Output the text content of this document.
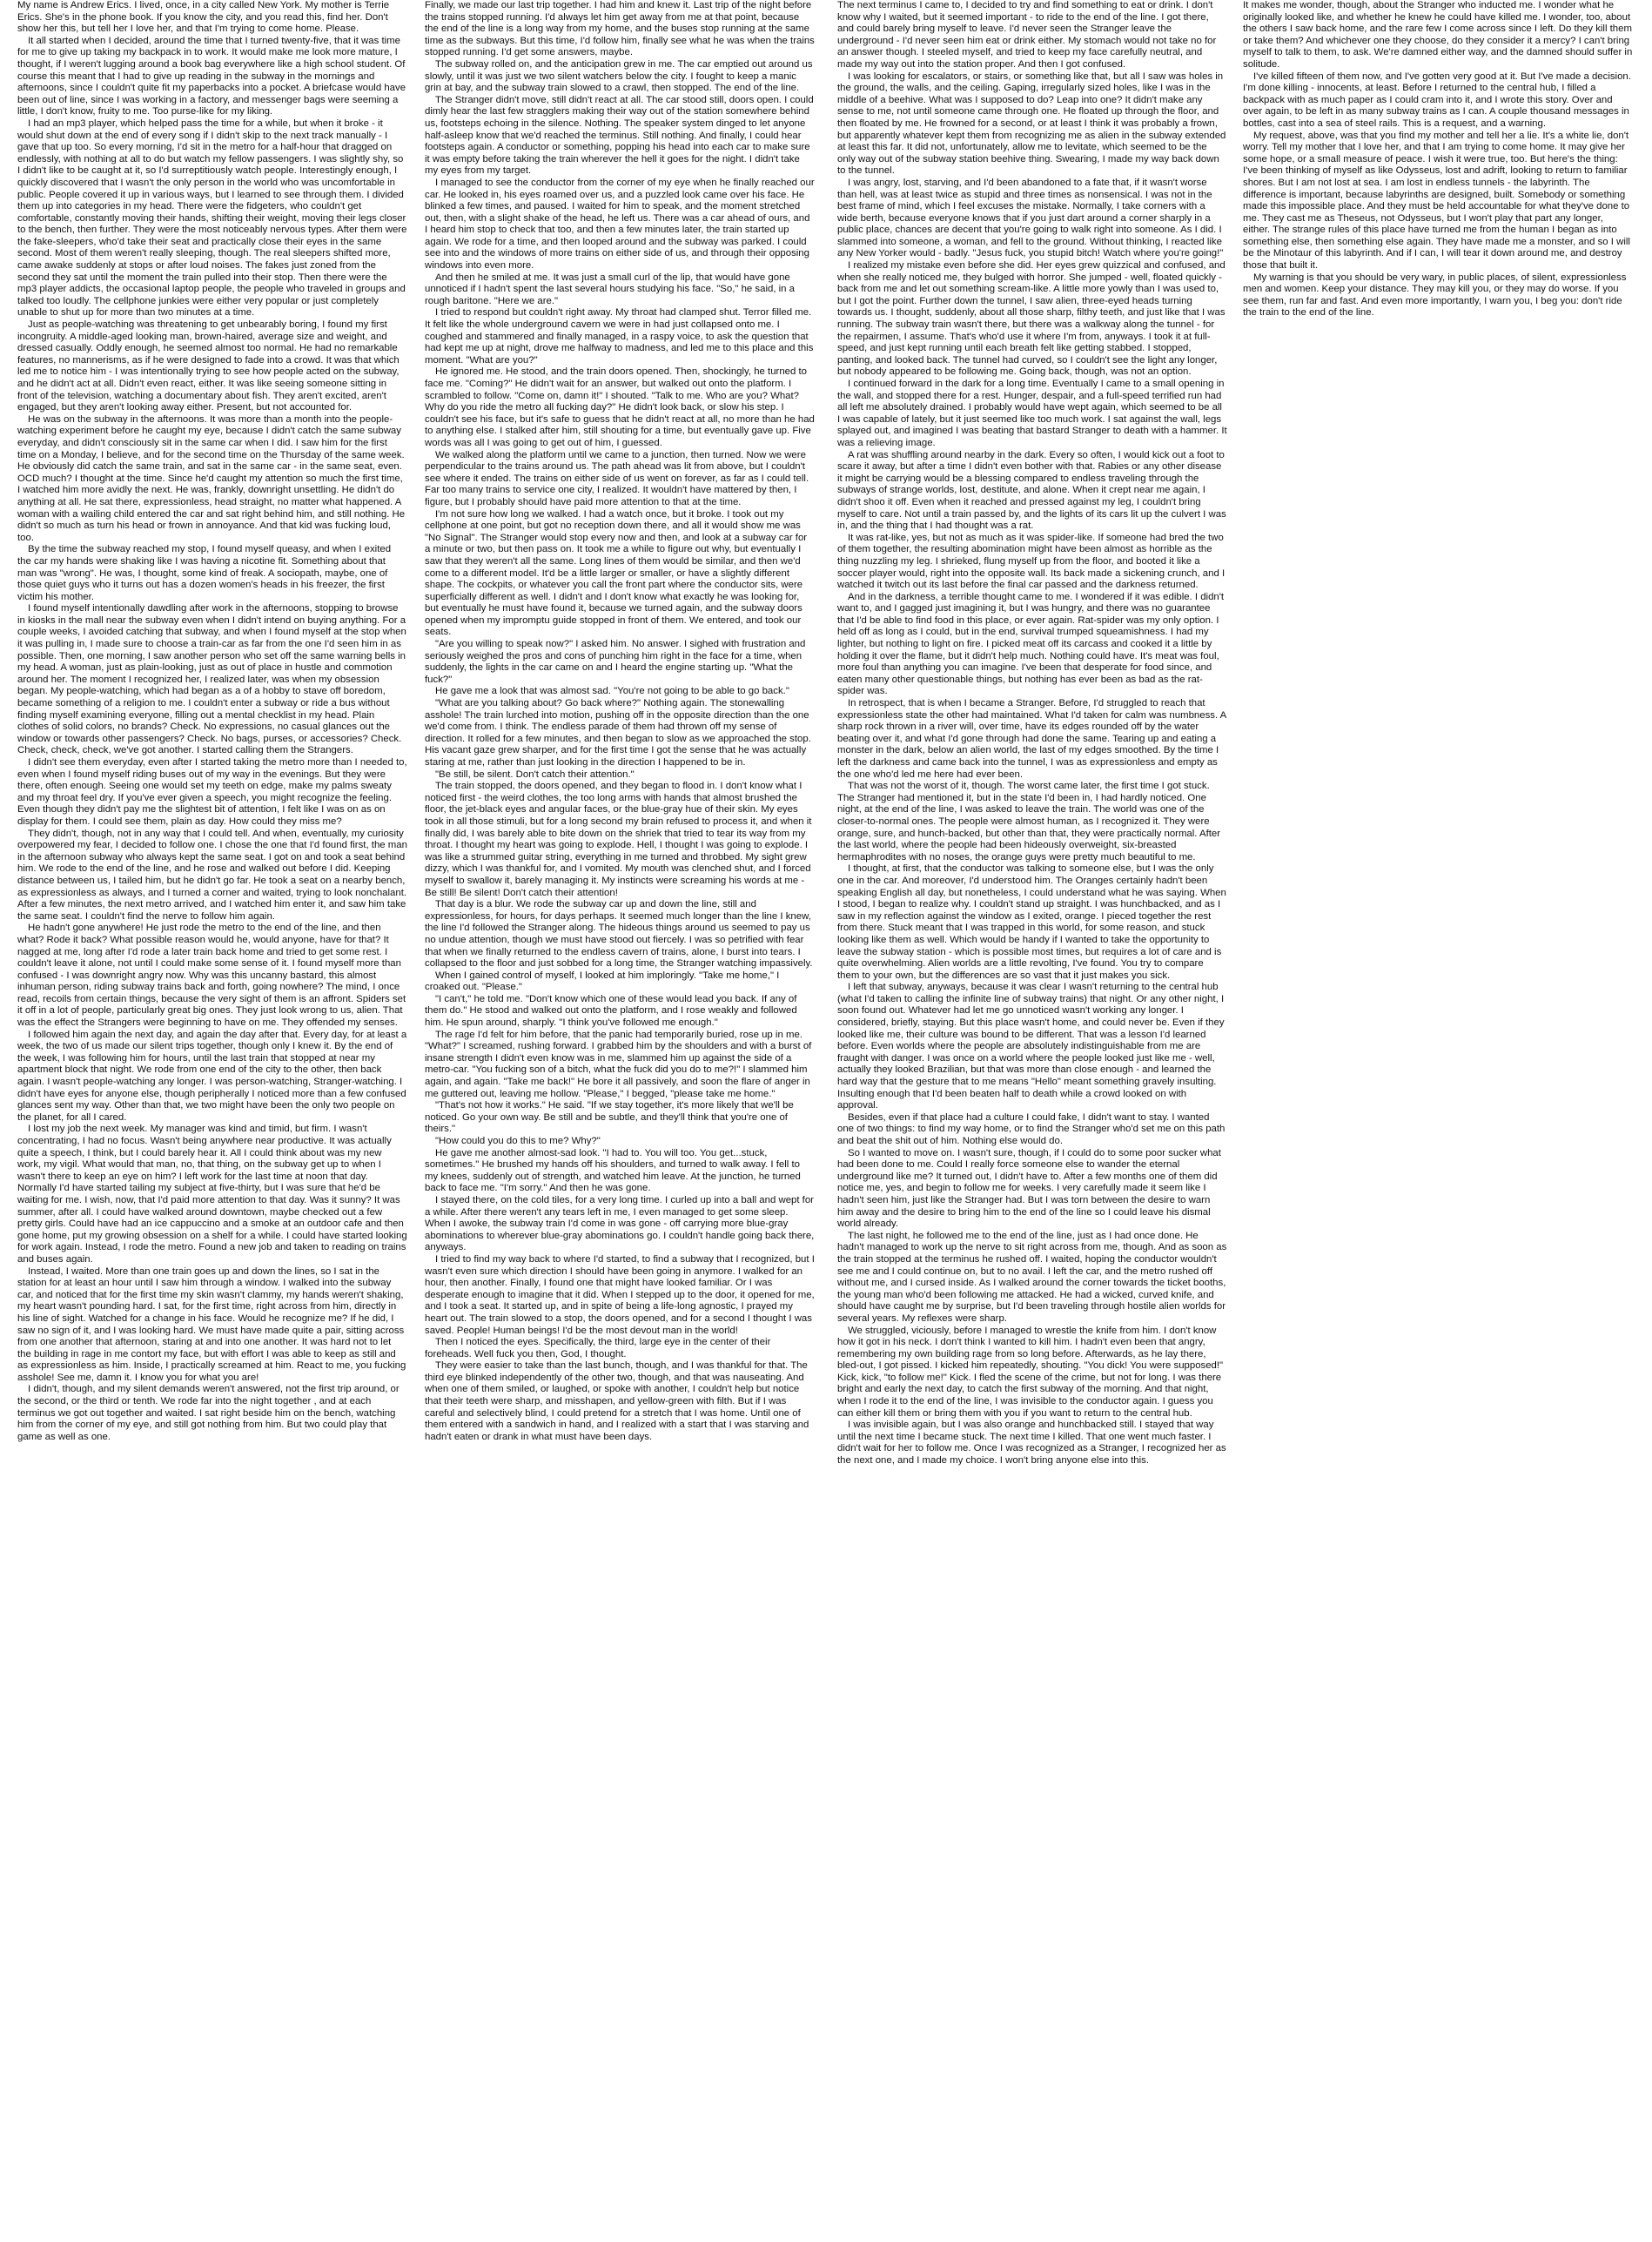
My name is Andrew Erics. I lived, once, in a city called New York. My mother is Terrie Erics. She's in the phone book. If you know the city, and you read this, find her. Don't show her this, but tell her I love her, and that I'm trying to come home. Please.

It all started when I decided, around the time that I turned twenty-five, that it was time for me to give up taking my backpack in to work. It would make me look more mature, I thought, if I weren't lugging around a book bag everywhere like a high school student. Of course this meant that I had to give up reading in the subway in the mornings and afternoons, since I couldn't quite fit my paperbacks into a pocket. A briefcase would have been out of line, since I was working in a factory, and messenger bags were seeming a little, I don't know, fruity to me. Too purse-like for my liking.

I had an mp3 player, which helped pass the time for a while, but when it broke - it would shut down at the end of every song if I didn't skip to the next track manually - I gave that up too. So every morning, I'd sit in the metro for a half-hour that dragged on endlessly, with nothing at all to do but watch my fellow passengers. I was slightly shy, so I didn't like to be caught at it, so I'd surreptitiously watch people. Interestingly enough, I quickly discovered that I wasn't the only person in the world who was uncomfortable in public. People covered it up in various ways, but I learned to see through them. I divided them up into categories in my head. There were the fidgeters, who couldn't get comfortable, constantly moving their hands, shifting their weight, moving their legs closer to the bench, then further. They were the most noticeably nervous types. After them were the fake-sleepers, who'd take their seat and practically close their eyes in the same second. Most of them weren't really sleeping, though. The real sleepers shifted more, came awake suddenly at stops or after loud noises. The fakes just zoned from the second they sat until the moment the train pulled into their stop. Then there were the mp3 player addicts, the occasional laptop people, the people who traveled in groups and talked too loudly. The cellphone junkies were either very popular or just completely unable to shut up for more than two minutes at a time.

Just as people-watching was threatening to get unbearably boring, I found my first incongruity. A middle-aged looking man, brown-haired, average size and weight, and dressed casually. Oddly enough, he seemed almost too normal. He had no remarkable features, no mannerisms, as if he were designed to fade into a crowd. It was that which led me to notice him - I was intentionally trying to see how people acted on the subway, and he didn't act at all. Didn't even react, either. It was like seeing someone sitting in front of the television, watching a documentary about fish. They aren't excited, aren't engaged, but they aren't looking away either. Present, but not accounted for.

He was on the subway in the afternoons. It was more than a month into the people-watching experiment before he caught my eye, because I didn't catch the same subway everyday, and didn't consciously sit in the same car when I did. I saw him for the first time on a Monday, I believe, and for the second time on the Thursday of the same week. He obviously did catch the same train, and sat in the same car - in the same seat, even. OCD much? I thought at the time. Since he'd caught my attention so much the first time, I watched him more avidly the next. He was, frankly, downright unsettling. He didn't do anything at all. He sat there, expressionless, head straight, no matter what happened. A woman with a wailing child entered the car and sat right behind him, and still nothing. He didn't so much as turn his head or frown in annoyance. And that kid was fucking loud, too.

By the time the subway reached my stop, I found myself queasy, and when I exited the car my hands were shaking like I was having a nicotine fit. Something about that man was "wrong". He was, I thought, some kind of freak. A sociopath, maybe, one of those quiet guys who it turns out has a dozen women's heads in his freezer, the first victim his mother.

I found myself intentionally dawdling after work in the afternoons, stopping to browse in kiosks in the mall near the subway even when I didn't intend on buying anything. For a couple weeks, I avoided catching that subway, and when I found myself at the stop when it was pulling in, I made sure to choose a train-car as far from the one I'd seen him in as possible. Then, one morning, I saw another person who set off the same warning bells in my head. A woman, just as plain-looking, just as out of place in hustle and commotion around her. The moment I recognized her, I realized later, was when my obsession began. My people-watching, which had began as a of a hobby to stave off boredom, became something of a religion to me. I couldn't enter a subway or ride a bus without finding myself examining everyone, filling out a mental checklist in my head. Plain clothes of solid colors, no brands? Check. No expressions, no casual glances out the window or towards other passengers? Check. No bags, purses, or accessories? Check. Check, check, check, we've got another. I started calling them the Strangers.

I didn't see them everyday, even after I started taking the metro more than I needed to, even when I found myself riding buses out of my way in the evenings. But they were there, often enough. Seeing one would set my teeth on edge, make my palms sweaty and my throat feel dry. If you've ever given a speech, you might recognize the feeling. Even though they didn't pay me the slightest bit of attention, I felt like I was on as on display for them. I could see them, plain as day. How could they miss me?

They didn't, though, not in any way that I could tell. And when, eventually, my curiosity overpowered my fear, I decided to follow one. I chose the one that I'd found first, the man in the afternoon subway who always kept the same seat. I got on and took a seat behind him. We rode to the end of the line, and he rose and walked out before I did. Keeping distance between us, I tailed him, but he didn't go far. He took a seat on a nearby bench, as expressionless as always, and I turned a corner and waited, trying to look nonchalant. After a few minutes, the next metro arrived, and I watched him enter it, and saw him take the same seat. I couldn't find the nerve to follow him again.

He hadn't gone anywhere! He just rode the metro to the end of the line, and then what? Rode it back? What possible reason would he, would anyone, have for that? It nagged at me, long after I'd rode a later train back home and tried to get some rest. I couldn't leave it alone, not until I could make some sense of it. I found myself more than confused - I was downright angry now. Why was this uncanny bastard, this almost inhuman person, riding subway trains back and forth, going nowhere? The mind, I once read, recoils from certain things, because the very sight of them is an affront. Spiders set it off in a lot of people, particularly great big ones. They just look wrong to us, alien. That was the effect the Strangers were beginning to have on me. They offended my senses.

I followed him again the next day, and again the day after that. Every day, for at least a week, the two of us made our silent trips together, though only I knew it. By the end of the week, I was following him for hours, until the last train that stopped at near my apartment block that night. We rode from one end of the city to the other, then back again. I wasn't people-watching any longer. I was person-watching, Stranger-watching. I didn't have eyes for anyone else, though peripherally I noticed more than a few confused glances sent my way. Other than that, we two might have been the only two people on the planet, for all I cared.

I lost my job the next week. My manager was kind and timid, but firm. I wasn't concentrating, I had no focus. Wasn't being anywhere near productive. It was actually quite a speech, I think, but I could barely hear it. All I could think about was my new work, my vigil. What would that man, no, that thing, on the subway get up to when I wasn't there to keep an eye on him? I left work for the last time at noon that day. Normally I'd have started tailing my subject at five-thirty, but I was sure that he'd be waiting for me. I wish, now, that I'd paid more attention to that day. Was it sunny? It was summer, after all. I could have walked around downtown, maybe checked out a few pretty girls. Could have had an ice cappuccino and a smoke at an outdoor cafe and then gone home, put my growing obsession on a shelf for a while. I could have started looking for work again. Instead, I rode the metro. Found a new job and taken to reading on trains and buses again.

Instead, I waited. More than one train goes up and down the lines, so I sat in the station for at least an hour until I saw him through a window. I walked into the subway car, and noticed that for the first time my skin wasn't clammy, my hands weren't shaking, my heart wasn't pounding hard. I sat, for the first time, right across from him, directly in his line of sight. Watched for a change in his face. Would he recognize me? If he did, I saw no sign of it, and I was looking hard. We must have made quite a pair, sitting across from one another that afternoon, staring at and into one another. It was hard not to let the building in rage in me contort my face, but with effort I was able to keep as still and as expressionless as him. Inside, I practically screamed at him. React to me, you fucking asshole! See me, damn it. I know you for what you are!

I didn't, though, and my silent demands weren't answered, not the first trip around, or the second, or the third or tenth. We rode far into the night together , and at each terminus we got out together and waited. I sat right beside him on the bench, watching him from the corner of my eye, and still got nothing from him. But two could play that game as well as one.

Finally, we made our last trip together. I had him and knew it. Last trip of the night before the trains stopped running. I'd always let him get away from me at that point, because the end of the line is a long way from my home, and the buses stop running at the same time as the subways. But this time, I'd follow him, finally see what he was when the trains stopped running. I'd get some answers, maybe.

The subway rolled on, and the anticipation grew in me. The car emptied out around us slowly, until it was just we two silent watchers below the city. I fought to keep a manic grin at bay, and the subway train slowed to a crawl, then stopped. The end of the line.

The Stranger didn't move, still didn't react at all. The car stood still, doors open. I could dimly hear the last few stragglers making their way out of the station somewhere behind us, footsteps echoing in the silence. Nothing. The speaker system dinged to let anyone half-asleep know that we'd reached the terminus. Still nothing. And finally, I could hear footsteps again. A conductor or something, popping his head into each car to make sure it was empty before taking the train wherever the hell it goes for the night. I didn't take my eyes from my target.

I managed to see the conductor from the corner of my eye when he finally reached our car. He looked in, his eyes roamed over us, and a puzzled look came over his face. He blinked a few times, and paused. I waited for him to speak, and the moment stretched out, then, with a slight shake of the head, he left us. There was a car ahead of ours, and I heard him stop to check that too, and then a few minutes later, the train started up again. We rode for a time, and then looped around and the subway was parked. I could see into and the windows of more trains on either side of us, and through their opposing windows into even more.

And then he smiled at me. It was just a small curl of the lip, that would have gone unnoticed if I hadn't spent the last several hours studying his face. "So," he said, in a rough baritone. "Here we are."

I tried to respond but couldn't right away. My throat had clamped shut. Terror filled me. It felt like the whole underground cavern we were in had just collapsed onto me. I coughed and stammered and finally managed, in a raspy voice, to ask the question that had kept me up at night, drove me halfway to madness, and led me to this place and this moment. "What are you?"

He ignored me. He stood, and the train doors opened. Then, shockingly, he turned to face me. "Coming?" He didn't wait for an answer, but walked out onto the platform. I scrambled to follow. "Come on, damn it!" I shouted. "Talk to me. Who are you? What? Why do you ride the metro all fucking day?" He didn't look back, or slow his step. I couldn't see his face, but it's safe to guess that he didn't react at all, no more than he had to anything else. I stalked after him, still shouting for a time, but eventually gave up. Five words was all I was going to get out of him, I guessed.

We walked along the platform until we came to a junction, then turned. Now we were perpendicular to the trains around us. The path ahead was lit from above, but I couldn't see where it ended. The trains on either side of us went on forever, as far as I could tell. Far too many trains to service one city, I realized. It wouldn't have mattered by then, I figure, but I probably should have paid more attention to that at the time.

I'm not sure how long we walked. I had a watch once, but it broke. I took out my cellphone at one point, but got no reception down there, and all it would show me was "No Signal". The Stranger would stop every now and then, and look at a subway car for a minute or two, but then pass on. It took me a while to figure out why, but eventually I saw that they weren't all the same. Long lines of them would be similar, and then we'd come to a different model. It'd be a little larger or smaller, or have a slightly different shape. The cockpits, or whatever you call the front part where the conductor sits, were superficially different as well. I didn't and I don't know what exactly he was looking for, but eventually he must have found it, because we turned again, and the subway doors opened when my impromptu guide stopped in front of them. We entered, and took our seats.

"Are you willing to speak now?" I asked him. No answer. I sighed with frustration and seriously weighed the pros and cons of punching him right in the face for a time, when suddenly, the lights in the car came on and I heard the engine starting up. "What the fuck?"

He gave me a look that was almost sad. "You're not going to be able to go back."

"What are you talking about? Go back where?" Nothing again. The stonewalling asshole! The train lurched into motion, pushing off in the opposite direction than the one we'd come from. I think. The endless parade of them had thrown off my sense of direction. It rolled for a few minutes, and then began to slow as we approached the stop. His vacant gaze grew sharper, and for the first time I got the sense that he was actually staring at me, rather than just looking in the direction I happened to be in.

"Be still, be silent. Don't catch their attention."

The train stopped, the doors opened, and they began to flood in. I don't know what I noticed first - the weird clothes, the too long arms with hands that almost brushed the floor, the jet-black eyes and angular faces, or the blue-gray hue of their skin. My eyes took in all those stimuli, but for a long second my brain refused to process it, and when it finally did, I was barely able to bite down on the shriek that tried to tear its way from my throat. I thought my heart was going to explode. Hell, I thought I was going to explode. I was like a strummed guitar string, everything in me turned and throbbed. My sight grew dizzy, which I was thankful for, and I vomited. My mouth was clenched shut, and I forced myself to swallow it, barely managing it. My instincts were screaming his words at me - Be still! Be silent! Don't catch their attention!

That day is a blur. We rode the subway car up and down the line, still and expressionless, for hours, for days perhaps. It seemed much longer than the line I knew, the line I'd followed the Stranger along. The hideous things around us seemed to pay us no undue attention, though we must have stood out fiercely. I was so petrified with fear that when we finally returned to the endless cavern of trains, alone, I burst into tears. I collapsed to the floor and just sobbed for a long time, the Stranger watching impassively.

When I gained control of myself, I looked at him imploringly. "Take me home," I croaked out. "Please."

"I can't," he told me. "Don't know which one of these would lead you back. If any of them do." He stood and walked out onto the platform, and I rose weakly and followed him. He spun around, sharply. "I think you've followed me enough."

The rage I'd felt for him before, that the panic had temporarily buried, rose up in me. "What?" I screamed, rushing forward. I grabbed him by the shoulders and with a burst of insane strength I didn't even know was in me, slammed him up against the side of a metro-car. "You fucking son of a bitch, what the fuck did you do to me?!" I slammed him again, and again. "Take me back!" He bore it all passively, and soon the flare of anger in me guttered out, leaving me hollow. "Please," I begged, "please take me home."

"That's not how it works." He said. "If we stay together, it's more likely that we'll be noticed. Go your own way. Be still and be subtle, and they'll think that you're one of theirs."

"How could you do this to me? Why?"

He gave me another almost-sad look. "I had to. You will too. You get...stuck, sometimes." He brushed my hands off his shoulders, and turned to walk away. I fell to my knees, suddenly out of strength, and watched him leave. At the junction, he turned back to face me. "I'm sorry." And then he was gone.

I stayed there, on the cold tiles, for a very long time. I curled up into a ball and wept for a while. After there weren't any tears left in me, I even managed to get some sleep. When I awoke, the subway train I'd come in was gone - off carrying more blue-gray abominations to wherever blue-gray abominations go. I couldn't handle going back there, anyways.

I tried to find my way back to where I'd started, to find a subway that I recognized, but I wasn't even sure which direction I should have been going in anymore. I walked for an hour, then another. Finally, I found one that might have looked familiar. Or I was desperate enough to imagine that it did. When I stepped up to the door, it opened for me, and I took a seat. It started up, and in spite of being a life-long agnostic, I prayed my heart out. The train slowed to a stop, the doors opened, and for a second I thought I was saved. People! Human beings! I'd be the most devout man in the world!

Then I noticed the eyes. Specifically, the third, large eye in the center of their foreheads. Well fuck you then, God, I thought.

They were easier to take than the last bunch, though, and I was thankful for that. The third eye blinked independently of the other two, though, and that was nauseating. And when one of them smiled, or laughed, or spoke with another, I couldn't help but notice that their teeth were sharp, and misshapen, and yellow-green with filth. But if I was careful and selectively blind, I could pretend for a stretch that I was home. Until one of them entered with a sandwich in hand, and I realized with a start that I was starving and hadn't eaten or drank in what must have been days.

The next terminus I came to, I decided to try and find something to eat or drink. I don't know why I waited, but it seemed important - to ride to the end of the line. I got there, and could barely bring myself to leave. I'd never seen the Stranger leave the underground - I'd never seen him eat or drink either. My stomach would not take no for an answer though. I steeled myself, and tried to keep my face carefully neutral, and made my way out into the station proper. And then I got confused.

I was looking for escalators, or stairs, or something like that, but all I saw was holes in the ground, the walls, and the ceiling. Gaping, irregularly sized holes, like I was in the middle of a beehive. What was I supposed to do? Leap into one? It didn't make any sense to me, not until someone came through one. He floated up through the floor, and then floated by me. He frowned for a second, or at least I think it was probably a frown, but apparently whatever kept them from recognizing me as alien in the subway extended at least this far. It did not, unfortunately, allow me to levitate, which seemed to be the only way out of the subway station beehive thing. Swearing, I made my way back down to the tunnel.

I was angry, lost, starving, and I'd been abandoned to a fate that, if it wasn't worse than hell, was at least twice as stupid and three times as nonsensical. I was not in the best frame of mind, which I feel excuses the mistake. Normally, I take corners with a wide berth, because everyone knows that if you just dart around a corner sharply in a public place, chances are decent that you're going to walk right into someone. As I did. I slammed into someone, a woman, and fell to the ground. Without thinking, I reacted like any New Yorker would - badly. "Jesus fuck, you stupid bitch! Watch where you're going!"

I realized my mistake even before she did. Her eyes grew quizzical and confused, and when she really noticed me, they bulged with horror. She jumped - well, floated quickly - back from me and let out something scream-like. A little more yowly than I was used to, but I got the point. Further down the tunnel, I saw alien, three-eyed heads turning towards us. I thought, suddenly, about all those sharp, filthy teeth, and just like that I was running. The subway train wasn't there, but there was a walkway along the tunnel - for the repairmen, I assume. That's who'd use it where I'm from, anyways. I took it at full-speed, and just kept running until each breath felt like getting stabbed. I stopped, panting, and looked back. The tunnel had curved, so I couldn't see the light any longer, but nobody appeared to be following me. Going back, though, was not an option.

I continued forward in the dark for a long time. Eventually I came to a small opening in the wall, and stopped there for a rest. Hunger, despair, and a full-speed terrified run had all left me absolutely drained. I probably would have wept again, which seemed to be all I was capable of lately, but it just seemed like too much work. I sat against the wall, legs splayed out, and imagined I was beating that bastard Stranger to death with a hammer. It was a relieving image.

A rat was shuffling around nearby in the dark. Every so often, I would kick out a foot to scare it away, but after a time I didn't even bother with that. Rabies or any other disease it might be carrying would be a blessing compared to endless traveling through the subways of strange worlds, lost, destitute, and alone. When it crept near me again, I didn't shoo it off. Even when it reached and pressed against my leg, I couldn't bring myself to care. Not until a train passed by, and the lights of its cars lit up the culvert I was in, and the thing that I had thought was a rat.

It was rat-like, yes, but not as much as it was spider-like. If someone had bred the two of them together, the resulting abomination might have been almost as horrible as the thing nuzzling my leg. I shrieked, flung myself up from the floor, and booted it like a soccer player would, right into the opposite wall. Its back made a sickening crunch, and I watched it twitch out its last before the final car passed and the darkness returned.

And in the darkness, a terrible thought came to me. I wondered if it was edible. I didn't want to, and I gagged just imagining it, but I was hungry, and there was no guarantee that I'd be able to find food in this place, or ever again. Rat-spider was my only option. I held off as long as I could, but in the end, survival trumped squeamishness. I had my lighter, but nothing to light on fire. I picked meat off its carcass and cooked it a little by holding it over the flame, but it didn't help much. Nothing could have. It's meat was foul, more foul than anything you can imagine. I've been that desperate for food since, and eaten many other questionable things, but nothing has ever been as bad as the rat-spider was.

In retrospect, that is when I became a Stranger. Before, I'd struggled to reach that expressionless state the other had maintained. What I'd taken for calm was numbness. A sharp rock thrown in a river will, over time, have its edges rounded off by the water beating over it, and what I'd gone through had done the same. Tearing up and eating a monster in the dark, below an alien world, the last of my edges smoothed. By the time I left the darkness and came back into the tunnel, I was as expressionless and empty as the one who'd led me here had ever been.

That was not the worst of it, though. The worst came later, the first time I got stuck. The Stranger had mentioned it, but in the state I'd been in, I had hardly noticed. One night, at the end of the line, I was asked to leave the train. The world was one of the closer-to-normal ones. The people were almost human, as I recognized it. They were orange, sure, and hunch-backed, but other than that, they were practically normal. After the last world, where the people had been hideously overweight, six-breasted hermaphrodites with no noses, the orange guys were pretty much beautiful to me.

I thought, at first, that the conductor was talking to someone else, but I was the only one in the car. And moreover, I'd understood him. The Oranges certainly hadn't been speaking English all day, but nonetheless, I could understand what he was saying. When I stood, I began to realize why. I couldn't stand up straight. I was hunchbacked, and as I saw in my reflection against the window as I exited, orange. I pieced together the rest from there. Stuck meant that I was trapped in this world, for some reason, and stuck looking like them as well. Which would be handy if I wanted to take the opportunity to leave the subway station - which is possible most times, but requires a lot of care and is quite overwhelming. Alien worlds are a little revolting, I've found. You try to compare them to your own, but the differences are so vast that it just makes you sick.

I left that subway, anyways, because it was clear I wasn't returning to the central hub (what I'd taken to calling the infinite line of subway trains) that night. Or any other night, I soon found out. Whatever had let me go unnoticed wasn't working any longer. I considered, briefly, staying. But this place wasn't home, and could never be. Even if they looked like me, their culture was bound to be different. That was a lesson I'd learned before. Even worlds where the people are absolutely indistinguishable from me are fraught with danger. I was once on a world where the people looked just like me - well, actually they looked Brazilian, but that was more than close enough - and learned the hard way that the gesture that to me means "Hello" meant something gravely insulting. Insulting enough that I'd been beaten half to death while a crowd looked on with approval.

Besides, even if that place had a culture I could fake, I didn't want to stay. I wanted one of two things: to find my way home, or to find the Stranger who'd set me on this path and beat the shit out of him. Nothing else would do.

So I wanted to move on. I wasn't sure, though, if I could do to some poor sucker what had been done to me. Could I really force someone else to wander the eternal underground like me? It turned out, I didn't have to. After a few months one of them did notice me, yes, and begin to follow me for weeks. I very carefully made it seem like I hadn't seen him, just like the Stranger had. But I was torn between the desire to warn him away and the desire to bring him to the end of the line so I could leave his dismal world already.

The last night, he followed me to the end of the line, just as I had once done. He hadn't managed to work up the nerve to sit right across from me, though. And as soon as the train stopped at the terminus he rushed off. I waited, hoping the conductor wouldn't see me and I could continue on, but to no avail. I left the car, and the metro rushed off without me, and I cursed inside. As I walked around the corner towards the ticket booths, the young man who'd been following me attacked. He had a wicked, curved knife, and should have caught me by surprise, but I'd been traveling through hostile alien worlds for several years. My reflexes were sharp.

We struggled, viciously, before I managed to wrestle the knife from him. I don't know how it got in his neck. I don't think I wanted to kill him. I hadn't even been that angry, remembering my own building rage from so long before. Afterwards, as he lay there, bled-out, I got pissed. I kicked him repeatedly, shouting. "You dick! You were supposed!" Kick, kick, "to follow me!" Kick. I fled the scene of the crime, but not for long. I was there bright and early the next day, to catch the first subway of the morning. And that night, when I rode it to the end of the line, I was invisible to the conductor again. I guess you can either kill them or bring them with you if you want to return to the central hub.

I was invisible again, but I was also orange and hunchbacked still. I stayed that way until the next time I became stuck. The next time I killed. That one went much faster. I didn't wait for her to follow me. Once I was recognized as a Stranger, I recognized her as the next one, and I made my choice. I won't bring anyone else into this.

It makes me wonder, though, about the Stranger who inducted me. I wonder what he originally looked like, and whether he knew he could have killed me. I wonder, too, about the others I saw back home, and the rare few I come across since I left. Do they kill them or take them? And whichever one they choose, do they consider it a mercy? I can't bring myself to talk to them, to ask. We're damned either way, and the damned should suffer in solitude.

I've killed fifteen of them now, and I've gotten very good at it. But I've made a decision. I'm done killing - innocents, at least. Before I returned to the central hub, I filled a backpack with as much paper as I could cram into it, and I wrote this story. Over and over again, to be left in as many subway trains as I can. A couple thousand messages in bottles, cast into a sea of steel rails. This is a request, and a warning.

My request, above, was that you find my mother and tell her a lie. It's a white lie, don't worry. Tell my mother that I love her, and that I am trying to come home. It may give her some hope, or a small measure of peace. I wish it were true, too. But here's the thing: I've been thinking of myself as like Odysseus, lost and adrift, looking to return to familiar shores. But I am not lost at sea. I am lost in endless tunnels - the labyrinth. The difference is important, because labyrinths are designed, built. Somebody or something made this impossible place. And they must be held accountable for what they've done to me. They cast me as Theseus, not Odysseus, but I won't play that part any longer, either. The strange rules of this place have turned me from the human I began as into something else, then something else again. They have made me a monster, and so I will be the Minotaur of this labyrinth. And if I can, I will tear it down around me, and destroy those that built it.

My warning is that you should be very wary, in public places, of silent, expressionless men and women. Keep your distance. They may kill you, or they may do worse. If you see them, run far and fast. And even more importantly, I warn you, I beg you: don't ride the train to the end of the line.
